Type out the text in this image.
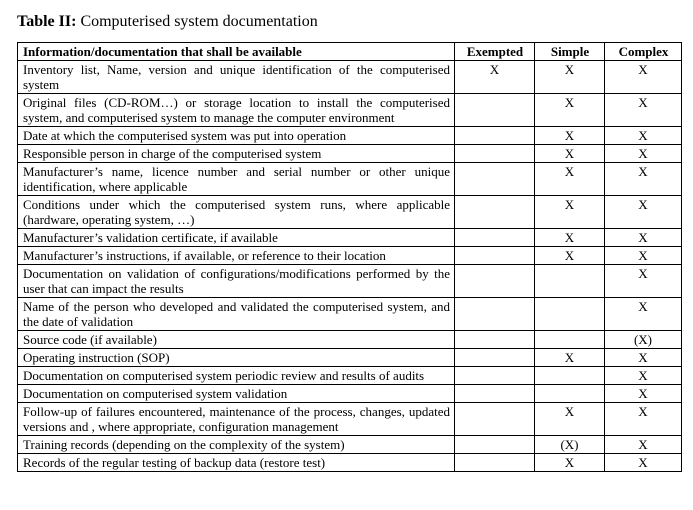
Table II: Computerised system documentation
Information/documentation that shall be available	Exempted	Simple	Complex
Inventory list, Name, version and unique identification of the computerised system	X	X	X
Original files (CD-ROM…) or storage location to install the computerised system, and computerised system to manage the computer environment		X	X
Date at which the computerised system was put into operation		X	X
Responsible person in charge of the computerised system		X	X
Manufacturer’s name, licence number and serial number or other unique identification, where applicable		X	X
Conditions under which the computerised system runs, where applicable (hardware, operating system, …)		X	X
Manufacturer’s validation certificate, if available		X	X
Manufacturer’s instructions, if available, or reference to their location		X	X
Documentation on validation of configurations/modifications performed by the user that can impact the results			X
Name of the person who developed and validated the computerised system, and the date of validation			X
Source code (if available)			(X)
Operating instruction (SOP)		X	X
Documentation on computerised system periodic review and results of audits			X
Documentation on computerised system validation			X
Follow-up of failures encountered, maintenance of the process, changes, updated versions and , where appropriate, configuration management		X	X
Training records (depending on the complexity of the system)		(X)	X
Records of the regular testing of backup data (restore test)		X	X
